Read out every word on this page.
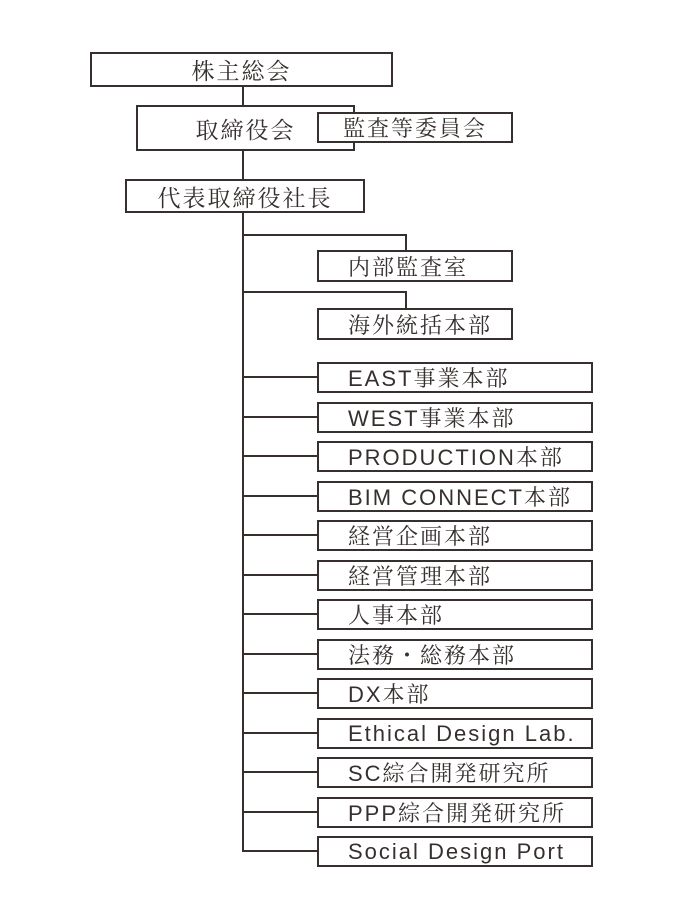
株主総会
取締役会	監査等委員会
代表取締役社長
内部監査室
海外統括本部
EAST事業本部
WEST事業本部
PRODUCTION本部
BIM CONNECT本部
経営企画本部
経営管理本部
人事本部
法務・総務本部
DX本部
Ethical Design Lab.
SC綜合開発研究所
PPP綜合開発研究所
Social Design Port
